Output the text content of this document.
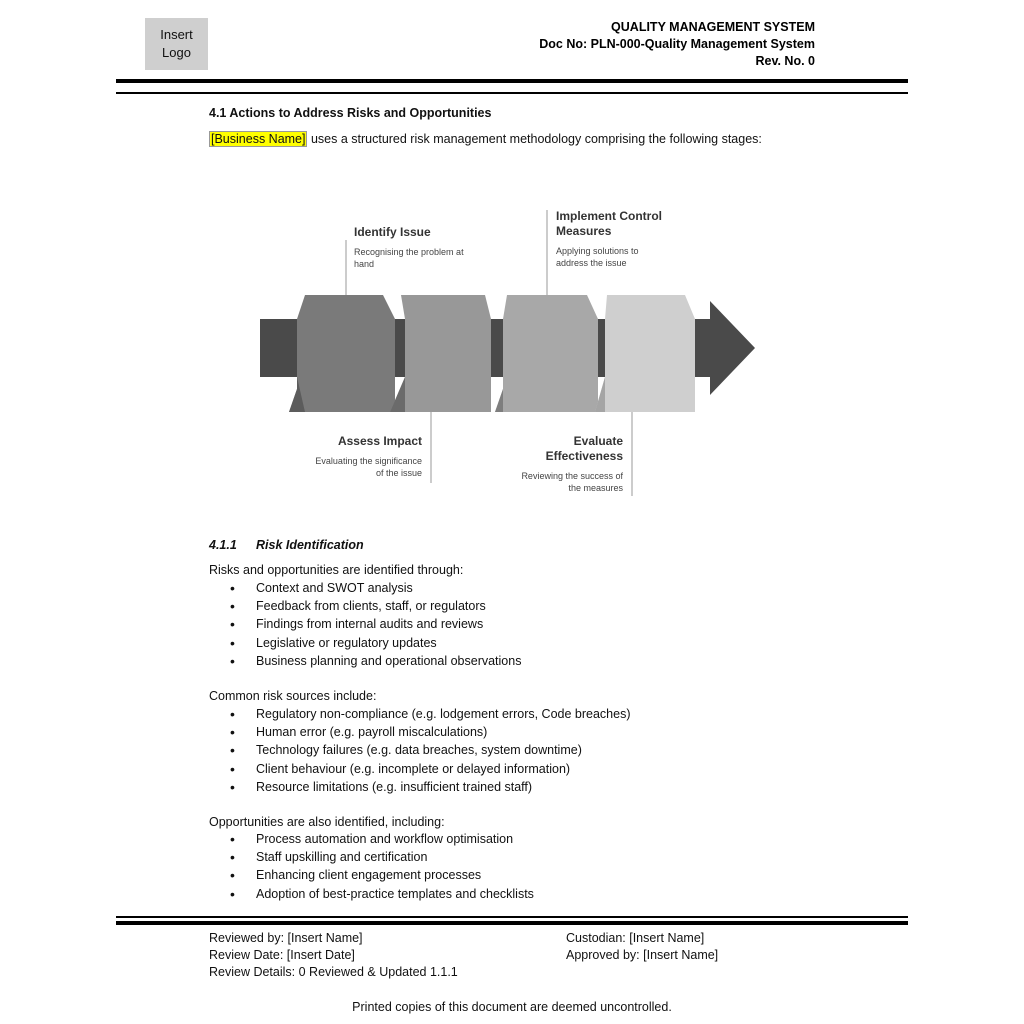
Insert
Logo
QUALITY MANAGEMENT SYSTEM
Doc No: PLN-000-Quality Management System
Rev. No. 0
4.1 Actions to Address Risks and Opportunities
[Business Name] uses a structured risk management methodology comprising the following stages:
Identify Issue
Recognising the problem at
hand
Implement Control
Measures
Applying solutions to
address the issue
Assess Impact
Evaluating the significance
of the issue
Evaluate
Effectiveness
Reviewing the success of
the measures
4.1.1 Risk Identification
Risks and opportunities are identified through:
• Context and SWOT analysis
• Feedback from clients, staff, or regulators
• Findings from internal audits and reviews
• Legislative or regulatory updates
• Business planning and operational observations
Common risk sources include:
• Regulatory non-compliance (e.g. lodgement errors, Code breaches)
• Human error (e.g. payroll miscalculations)
• Technology failures (e.g. data breaches, system downtime)
• Client behaviour (e.g. incomplete or delayed information)
• Resource limitations (e.g. insufficient trained staff)
Opportunities are also identified, including:
• Process automation and workflow optimisation
• Staff upskilling and certification
• Enhancing client engagement processes
• Adoption of best-practice templates and checklists
Reviewed by: [Insert Name]
Review Date: [Insert Date]
Review Details: 0 Reviewed & Updated 1.1.1
Custodian: [Insert Name]
Approved by: [Insert Name]
Printed copies of this document are deemed uncontrolled.
